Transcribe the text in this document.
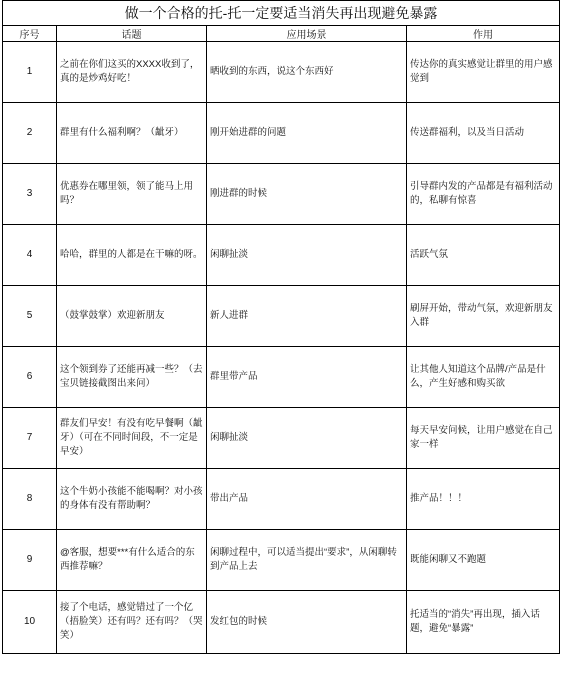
做一个合格的托-托一定要适当消失再出现避免暴露			
序号	话题	应用场景	作用
1	之前在你们这买的XXXX收到了，真的是炒鸡好吃！	晒收到的东西，说这个东西好	传达你的真实感觉让群里的用户感觉到
2	群里有什么福利啊？（龇牙）	刚开始进群的问题	传送群福利，以及当日活动
3	优惠券在哪里领，领了能马上用吗？	刚进群的时候	引导群内发的产品都是有福利活动的，私聊有惊喜
4	哈哈，群里的人都是在干嘛的呀。	闲聊扯淡	活跃气氛
5	（鼓掌鼓掌）欢迎新朋友	新人进群	刷屏开始，带动气氛，欢迎新朋友入群
6	这个领到券了还能再减一些？（去宝贝链接截图出来问）	群里带产品	让其他人知道这个品牌/产品是什么，产生好感和购买欲
7	群友们早安！有没有吃早餐啊（龇牙）（可在不同时间段，不一定是早安）	闲聊扯淡	每天早安问候，让用户感觉在自己家一样
8	这个牛奶小孩能不能喝啊？对小孩的身体有没有帮助啊？	带出产品	推产品！！！
9	@客服，想要***有什么适合的东西推荐嘛？	闲聊过程中，可以适当提出“要求”，从闲聊转到产品上去	既能闲聊又不跑题
10	接了个电话，感觉错过了一个亿（捂脸笑）还有吗？还有吗？（哭笑）	发红包的时候	托适当的“消失”再出现，插入话题，避免“暴露”
